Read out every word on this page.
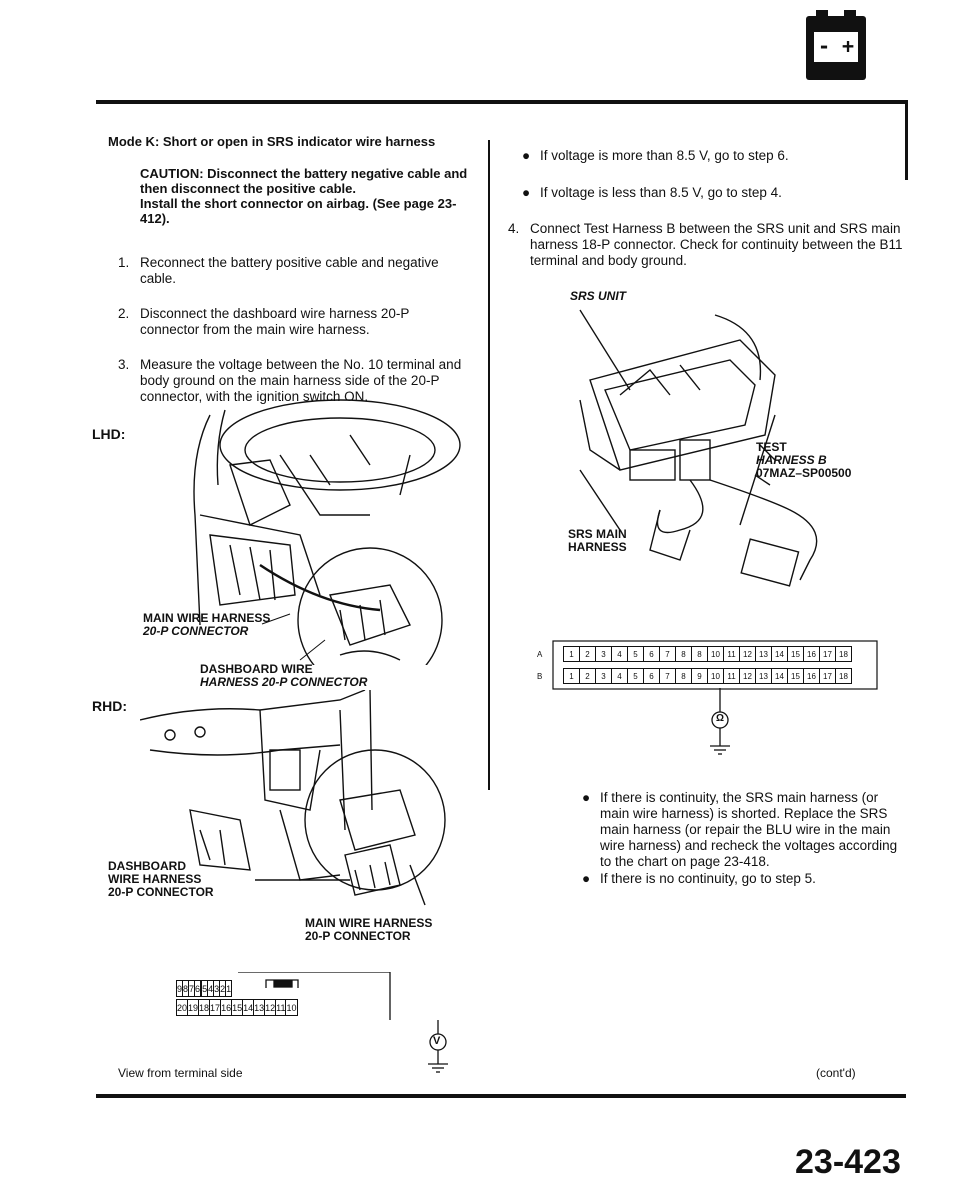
- +
Mode K: Short or open in SRS indicator wire harness
CAUTION: Disconnect the battery negative cable and then disconnect the positive cable.
Install the short connector on airbag. (See page 23-412).
1. Reconnect the battery positive cable and negative cable.
2. Disconnect the dashboard wire harness 20-P connector from the main wire harness.
3. Measure the voltage between the No. 10 terminal and body ground on the main harness side of the 20-P connector, with the ignition switch ON.
LHD:
MAIN WIRE HARNESS
20-P CONNECTOR
DASHBOARD WIRE
HARNESS 20-P CONNECTOR
RHD:
DASHBOARD
WIRE HARNESS
20-P CONNECTOR
MAIN WIRE HARNESS
20-P CONNECTOR
9	8	7	6		5	4	3	2	1
20	19	18	17	16	15	14	13	12	11	10
V
View from terminal side
● If voltage is more than 8.5 V, go to step 6.
● If voltage is less than 8.5 V, go to step 4.
4. Connect Test Harness B between the SRS unit and SRS main harness 18-P connector. Check for continuity between the B11 terminal and body ground.
SRS UNIT
TEST
HARNESS B
07MAZ–SP00500
SRS MAIN
HARNESS
A
B
1	2	3	4	5	6	7	8	8	10	11	12	13	14	15	16	17	18
1	2	3	4	5	6	7	8	9	10	11	12	13	14	15	16	17	18
Ω
● If there is continuity, the SRS main harness (or main wire harness) is shorted. Replace the SRS main harness (or repair the BLU wire in the main wire harness) and recheck the voltages according to the chart on page 23-418.
● If there is no continuity, go to step 5.
(cont'd)
23-423
